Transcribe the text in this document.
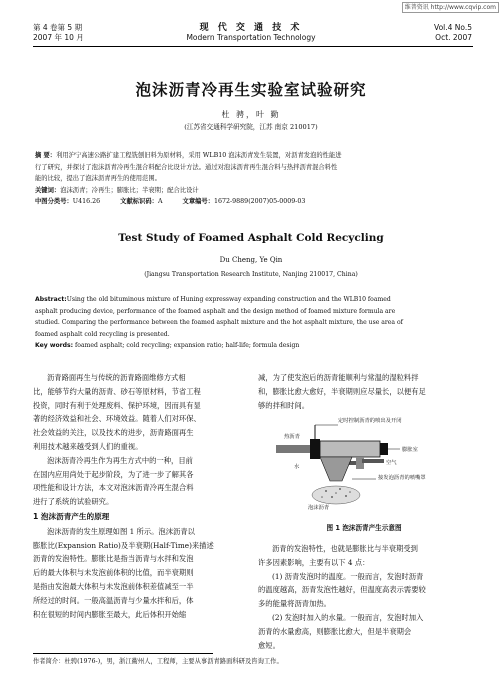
维普资讯 http://www.cqvip.com
第 4 卷第 5 期
2007 年 10 月
现 代 交 通 技 术
Modern Transportation Technology
Vol.4 No.5
Oct. 2007
泡沫沥青冷再生实验室试验研究
杜 骋，叶 勤
(江苏省交通科学研究院，江苏 南京 210017)
摘 要：利用沪宁高速公路扩建工程铣刨旧料为原材料，采用 WLB10 泡沫沥青发生装置，对沥青发泡的性能进
行了研究，并探讨了泡沫沥青冷再生混合料配合比设计方法。通过对泡沫沥青再生混合料与热拌沥青混合料性
能的比较，提出了泡沫沥青再生的使用范围。
关键词：泡沫沥青；冷再生；膨胀比；半衰期；配合比设计
中图分类号：U416.26	文献标识码：A	文章编号：1672-9889(2007)05-0009-03
Test Study of Foamed Asphalt Cold Recycling
Du Cheng, Ye Qin
(Jiangsu Transportation Research Institute, Nanjing 210017, China)
Abstract:Using the old bituminous mixture of Huning expressway expanding construction and the WLB10 foamed
asphalt producing device, performance of the foamed asphalt and the design method of foamed mixture formula are
studied. Comparing the performance between the foamed asphalt mixture and the hot asphalt mixture, the use area of
foamed asphalt cold recycling is presented.
Key words: foamed asphalt; cold recycling; expansion ratio; half-life; formula design
沥青路面再生与传统的沥青路面维修方式相
比，能够节约大量的沥青、砂石等原材料，节省工程
投资，同时有利于处理废料、保护环境，因而具有显
著的经济效益和社会、环境效益。随着人们对环保、
社会效益的关注，以及技术的进步，沥青路面再生
利用技术越来越受到人们的重视。
泡沫沥青冷再生作为再生方式中的一种，目前
在国内应用尚处于起步阶段，为了进一步了解其各
项性能和设计方法，本文对泡沫沥青冷再生混合料
进行了系统的试验研究。
1 泡沫沥青产生的原理
泡沫沥青的发生原理如图 1 所示。泡沫沥青以
膨胀比(Expansion Ratio)及半衰期(Half-Time)来描述
沥青的发泡特性。膨胀比是指当沥青与水拌和发泡
后的最大体积与未发泡前体积的比值，而半衰期则
是指由发泡最大体积与未发泡前体积差值减至一半
所经过的时间。一般高温沥青与少量水拌和后，体
积在很短的时间内膨胀至最大，此后体积开始缩
减，为了使发泡后的沥青能顺利与常温的湿粒料拌
和，膨胀比愈大愈好，半衰期则应尽量长，以便有足
够的拌和时间。
定时控制沥青的喷出及开闭
热沥青
膨胀室
水
空气
接发泡沥青的喷嘴罩
泡沫沥青
图 1 泡沫沥青产生示意图
沥青的发泡特性，也就是膨胀比与半衰期受到
许多因素影响，主要有以下 4 点：
(1) 沥青发泡时的温度。一般而言，发泡时沥青
的温度越高，沥青发泡性越好，但温度高表示需要较
多的能量将沥青加热。
(2) 发泡时加入的水量。一般而言，发泡时加入
沥青的水量愈高，则膨胀比愈大，但是半衰期会
愈短。
作者简介：杜骋(1976-)，男，浙江衢州人，工程师，主要从事沥青路面科研及咨询工作。
